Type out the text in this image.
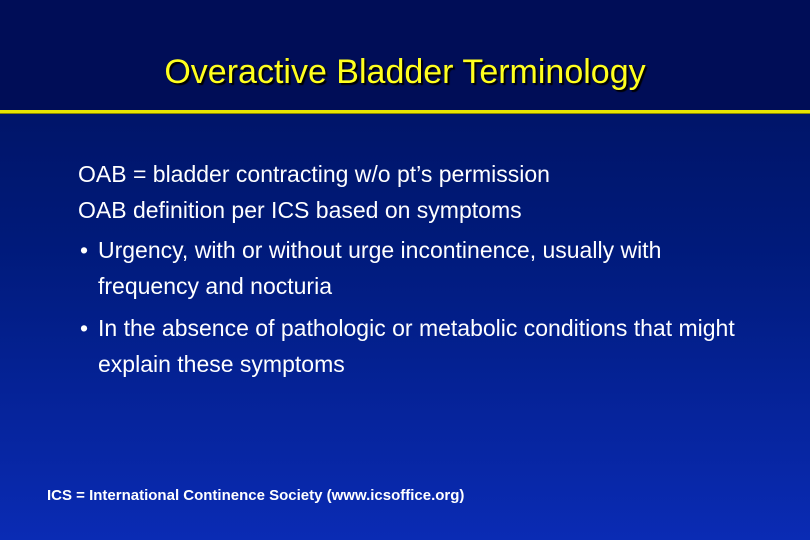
Overactive Bladder Terminology

OAB = bladder contracting w/o pt’s permission

OAB definition per ICS based on symptoms

• Urgency, with or without urge incontinence, usually with frequency and nocturia
• In the absence of pathologic or metabolic conditions that might explain these symptoms
ICS = International Continence Society (www.icsoffice.org)
